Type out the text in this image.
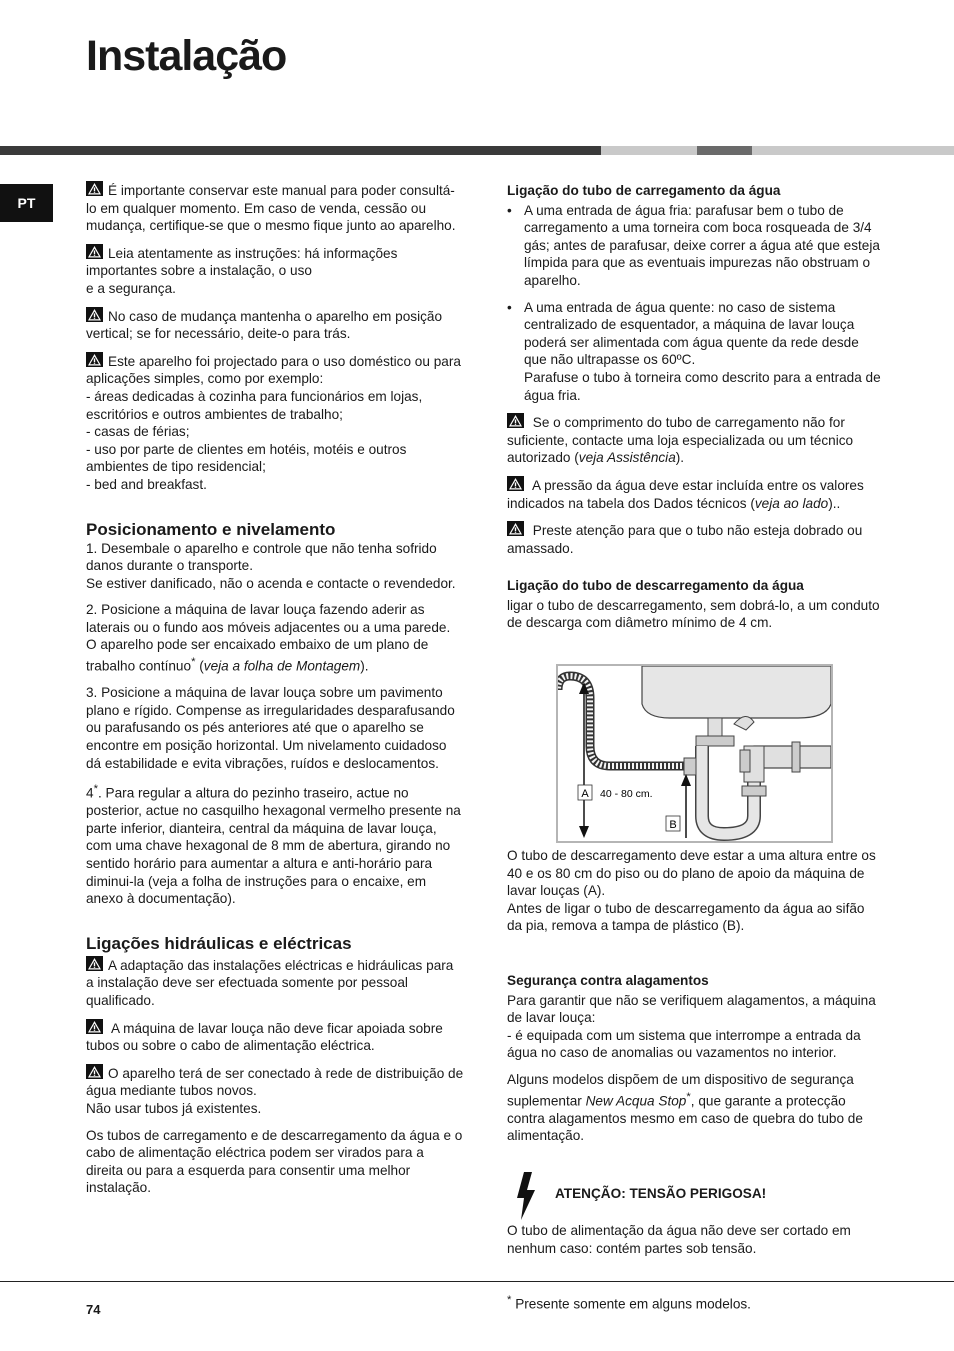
Instalação
PT

É importante conservar este manual para poder consultá-lo em qualquer momento. Em caso de venda, cessão ou mudança, certifique-se que o mesmo fique junto ao aparelho.

Leia atentamente as instruções: há informações importantes sobre a instalação, o uso

e a segurança.

No caso de mudança mantenha o aparelho em posição vertical; se for necessário, deite-o para trás.

Este aparelho foi projectado para o uso doméstico ou para aplicações simples, como por exemplo:

- áreas dedicadas à cozinha para funcionários em lojas, escritórios e outros ambientes de trabalho;

- casas de férias;

- uso por parte de clientes em hotéis, motéis e outros ambientes de tipo residencial;

- bed and breakfast.

Posicionamento e nivelamento

1. Desembale o aparelho e controle que não tenha sofrido danos durante o transporte.

Se estiver danificado, não o acenda e contacte o revendedor.

2. Posicione a máquina de lavar louça fazendo aderir as laterais ou o fundo aos móveis adjacentes ou a uma parede. O aparelho pode ser encaixado embaixo de um plano de trabalho contínuo* (veja a folha de Montagem).

3. Posicione a máquina de lavar louça sobre um pavimento plano e rígido. Compense as irregularidades desparafusando ou parafusando os pés anteriores até que o aparelho se encontre em posição horizontal. Um nivelamento cuidadoso dá estabilidade e evita vibrações, ruídos e deslocamentos.

4*. Para regular a altura do pezinho traseiro, actue no posterior, actue no casquilho hexagonal vermelho presente na parte inferior, dianteira, central da máquina de lavar louça, com uma chave hexagonal de 8 mm de abertura, girando no sentido horário para aumentar a altura e anti-horário para diminui-la (veja a folha de instruções para o encaixe, em anexo à documentação).

Ligações hidráulicas e eléctricas

A adaptação das instalações eléctricas e hidráulicas para a instalação deve ser efectuada somente por pessoal qualificado.

A máquina de lavar louça não deve ficar apoiada sobre tubos ou sobre o cabo de alimentação eléctrica.

O aparelho terá de ser conectado à rede de distribuição de água mediante tubos novos.

Não usar tubos já existentes.

Os tubos de carregamento e de descarregamento da água e o cabo de alimentação eléctrica podem ser virados para a direita ou para a esquerda para consentir uma melhor instalação.

Ligação do tubo de carregamento da água

• A uma entrada de água fria: parafusar bem o tubo de carregamento a uma torneira com boca rosqueada de 3/4 gás; antes de parafusar, deixe correr a água até que esteja límpida para que as eventuais impurezas não obstruam o aparelho.

• A uma entrada de água quente: no caso de sistema centralizado de esquentador, a máquina de lavar louça poderá ser alimentada com água quente da rede desde que não ultrapasse os 60ºC.

Parafuse o tubo à torneira como descrito para a entrada de água fria.

Se o comprimento do tubo de carregamento não for suficiente, contacte uma loja especializada ou um técnico autorizado (veja Assistência).

A pressão da água deve estar incluída entre os valores indicados na tabela dos Dados técnicos (veja ao lado)..

Preste atenção para que o tubo não esteja dobrado ou amassado.

Ligação do tubo de descarregamento da água

ligar o tubo de descarregamento, sem dobrá-lo, a um conduto de descarga com diâmetro mínimo de 4 cm.

A 40 - 80 cm.
B

O tubo de descarregamento deve estar a uma altura entre os 40 e os 80 cm do piso ou do plano de apoio da máquina de lavar louças (A).

Antes de ligar o tubo de descarregamento da água ao sifão da pia, remova a tampa de plástico (B).

Segurança contra alagamentos

Para garantir que não se verifiquem alagamentos, a máquina de lavar louça:

- é equipada com um sistema que interrompe a entrada da água no caso de anomalias ou vazamentos no interior.

Alguns modelos dispõem de um dispositivo de segurança suplementar New Acqua Stop*, que garante a protecção contra alagamentos mesmo em caso de quebra do tubo de alimentação.

ATENÇÃO: TENSÃO PERIGOSA!
O tubo de alimentação da água não deve ser cortado em nenhum caso: contém partes sob tensão.
74
* Presente somente em alguns modelos.
